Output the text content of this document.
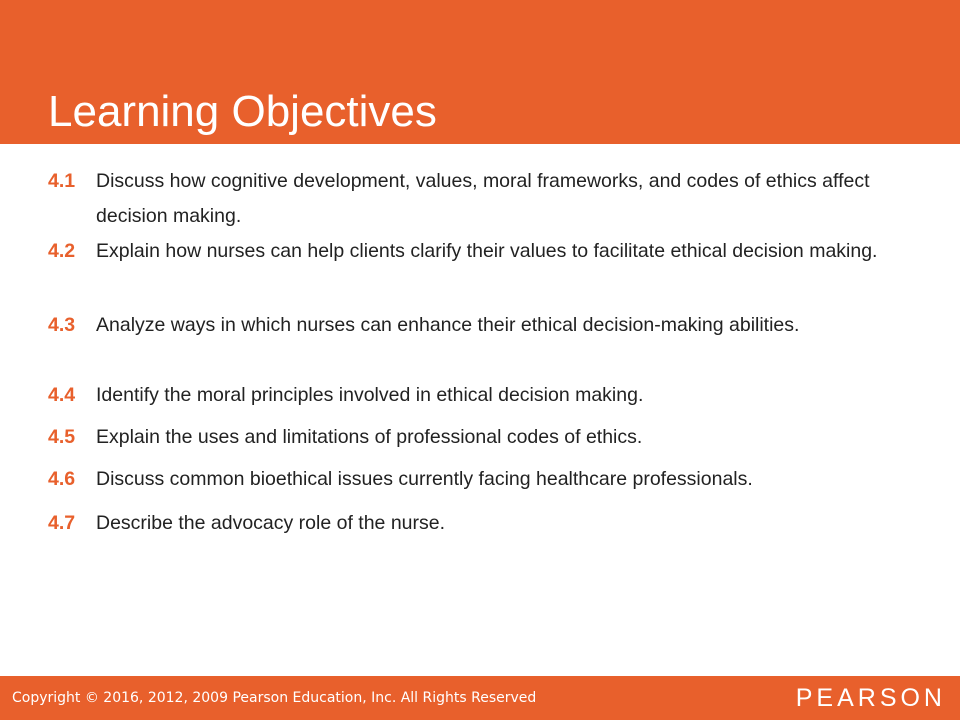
Learning Objectives
4.1 Discuss how cognitive development, values, moral frameworks, and codes of ethics affect decision making.
4.2 Explain how nurses can help clients clarify their values to facilitate ethical decision making.
4.3 Analyze ways in which nurses can enhance their ethical decision-making abilities.
4.4 Identify the moral principles involved in ethical decision making.
4.5 Explain the uses and limitations of professional codes of ethics.
4.6 Discuss common bioethical issues currently facing healthcare professionals.
4.7 Describe the advocacy role of the nurse.
Copyright © 2016, 2012, 2009 Pearson Education, Inc. All Rights Reserved	PEARSON
